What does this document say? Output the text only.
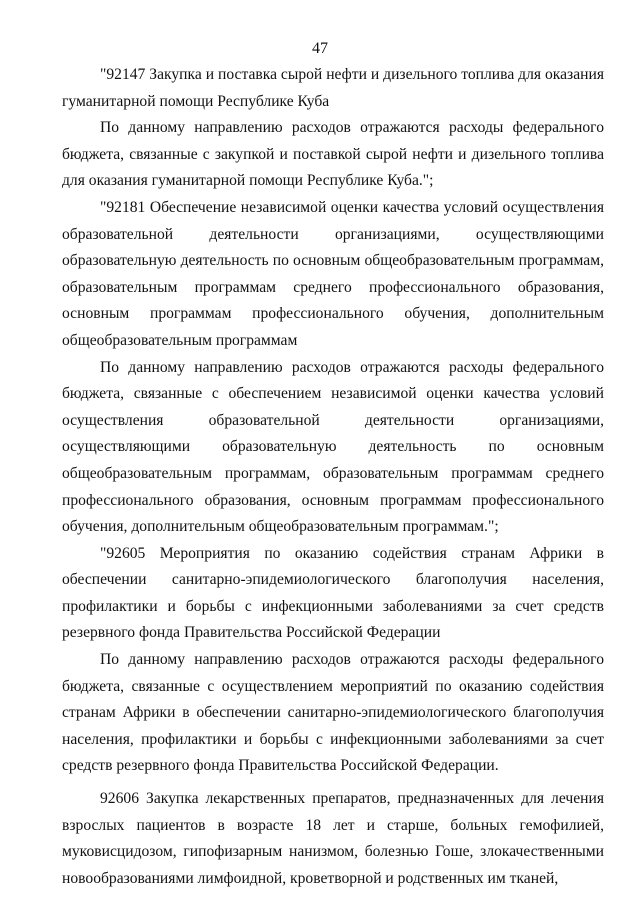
47

"92147 Закупка и поставка сырой нефти и дизельного топлива для оказания гуманитарной помощи Республике Куба

По данному направлению расходов отражаются расходы федерального бюджета, связанные с закупкой и поставкой сырой нефти и дизельного топлива для оказания гуманитарной помощи Республике Куба.";

"92181 Обеспечение независимой оценки качества условий осуществления образовательной деятельности организациями, осуществляющими образовательную деятельность по основным общеобразовательным программам, образовательным программам среднего профессионального образования, основным программам профессионального обучения, дополнительным общеобразовательным программам

По данному направлению расходов отражаются расходы федерального бюджета, связанные с обеспечением независимой оценки качества условий осуществления образовательной деятельности организациями, осуществляющими образовательную деятельность по основным общеобразовательным программам, образовательным программам среднего профессионального образования, основным программам профессионального обучения, дополнительным общеобразовательным программам.";

"92605 Мероприятия по оказанию содействия странам Африки в обеспечении санитарно-эпидемиологического благополучия населения, профилактики и борьбы с инфекционными заболеваниями за счет средств резервного фонда Правительства Российской Федерации

По данному направлению расходов отражаются расходы федерального бюджета, связанные с осуществлением мероприятий по оказанию содействия странам Африки в обеспечении санитарно-эпидемиологического благополучия населения, профилактики и борьбы с инфекционными заболеваниями за счет средств резервного фонда Правительства Российской Федерации.

92606 Закупка лекарственных препаратов, предназначенных для лечения взрослых пациентов в возрасте 18 лет и старше, больных гемофилией, муковисцидозом, гипофизарным нанизмом, болезнью Гоше, злокачественными новообразованиями лимфоидной, кроветворной и родственных им тканей,
